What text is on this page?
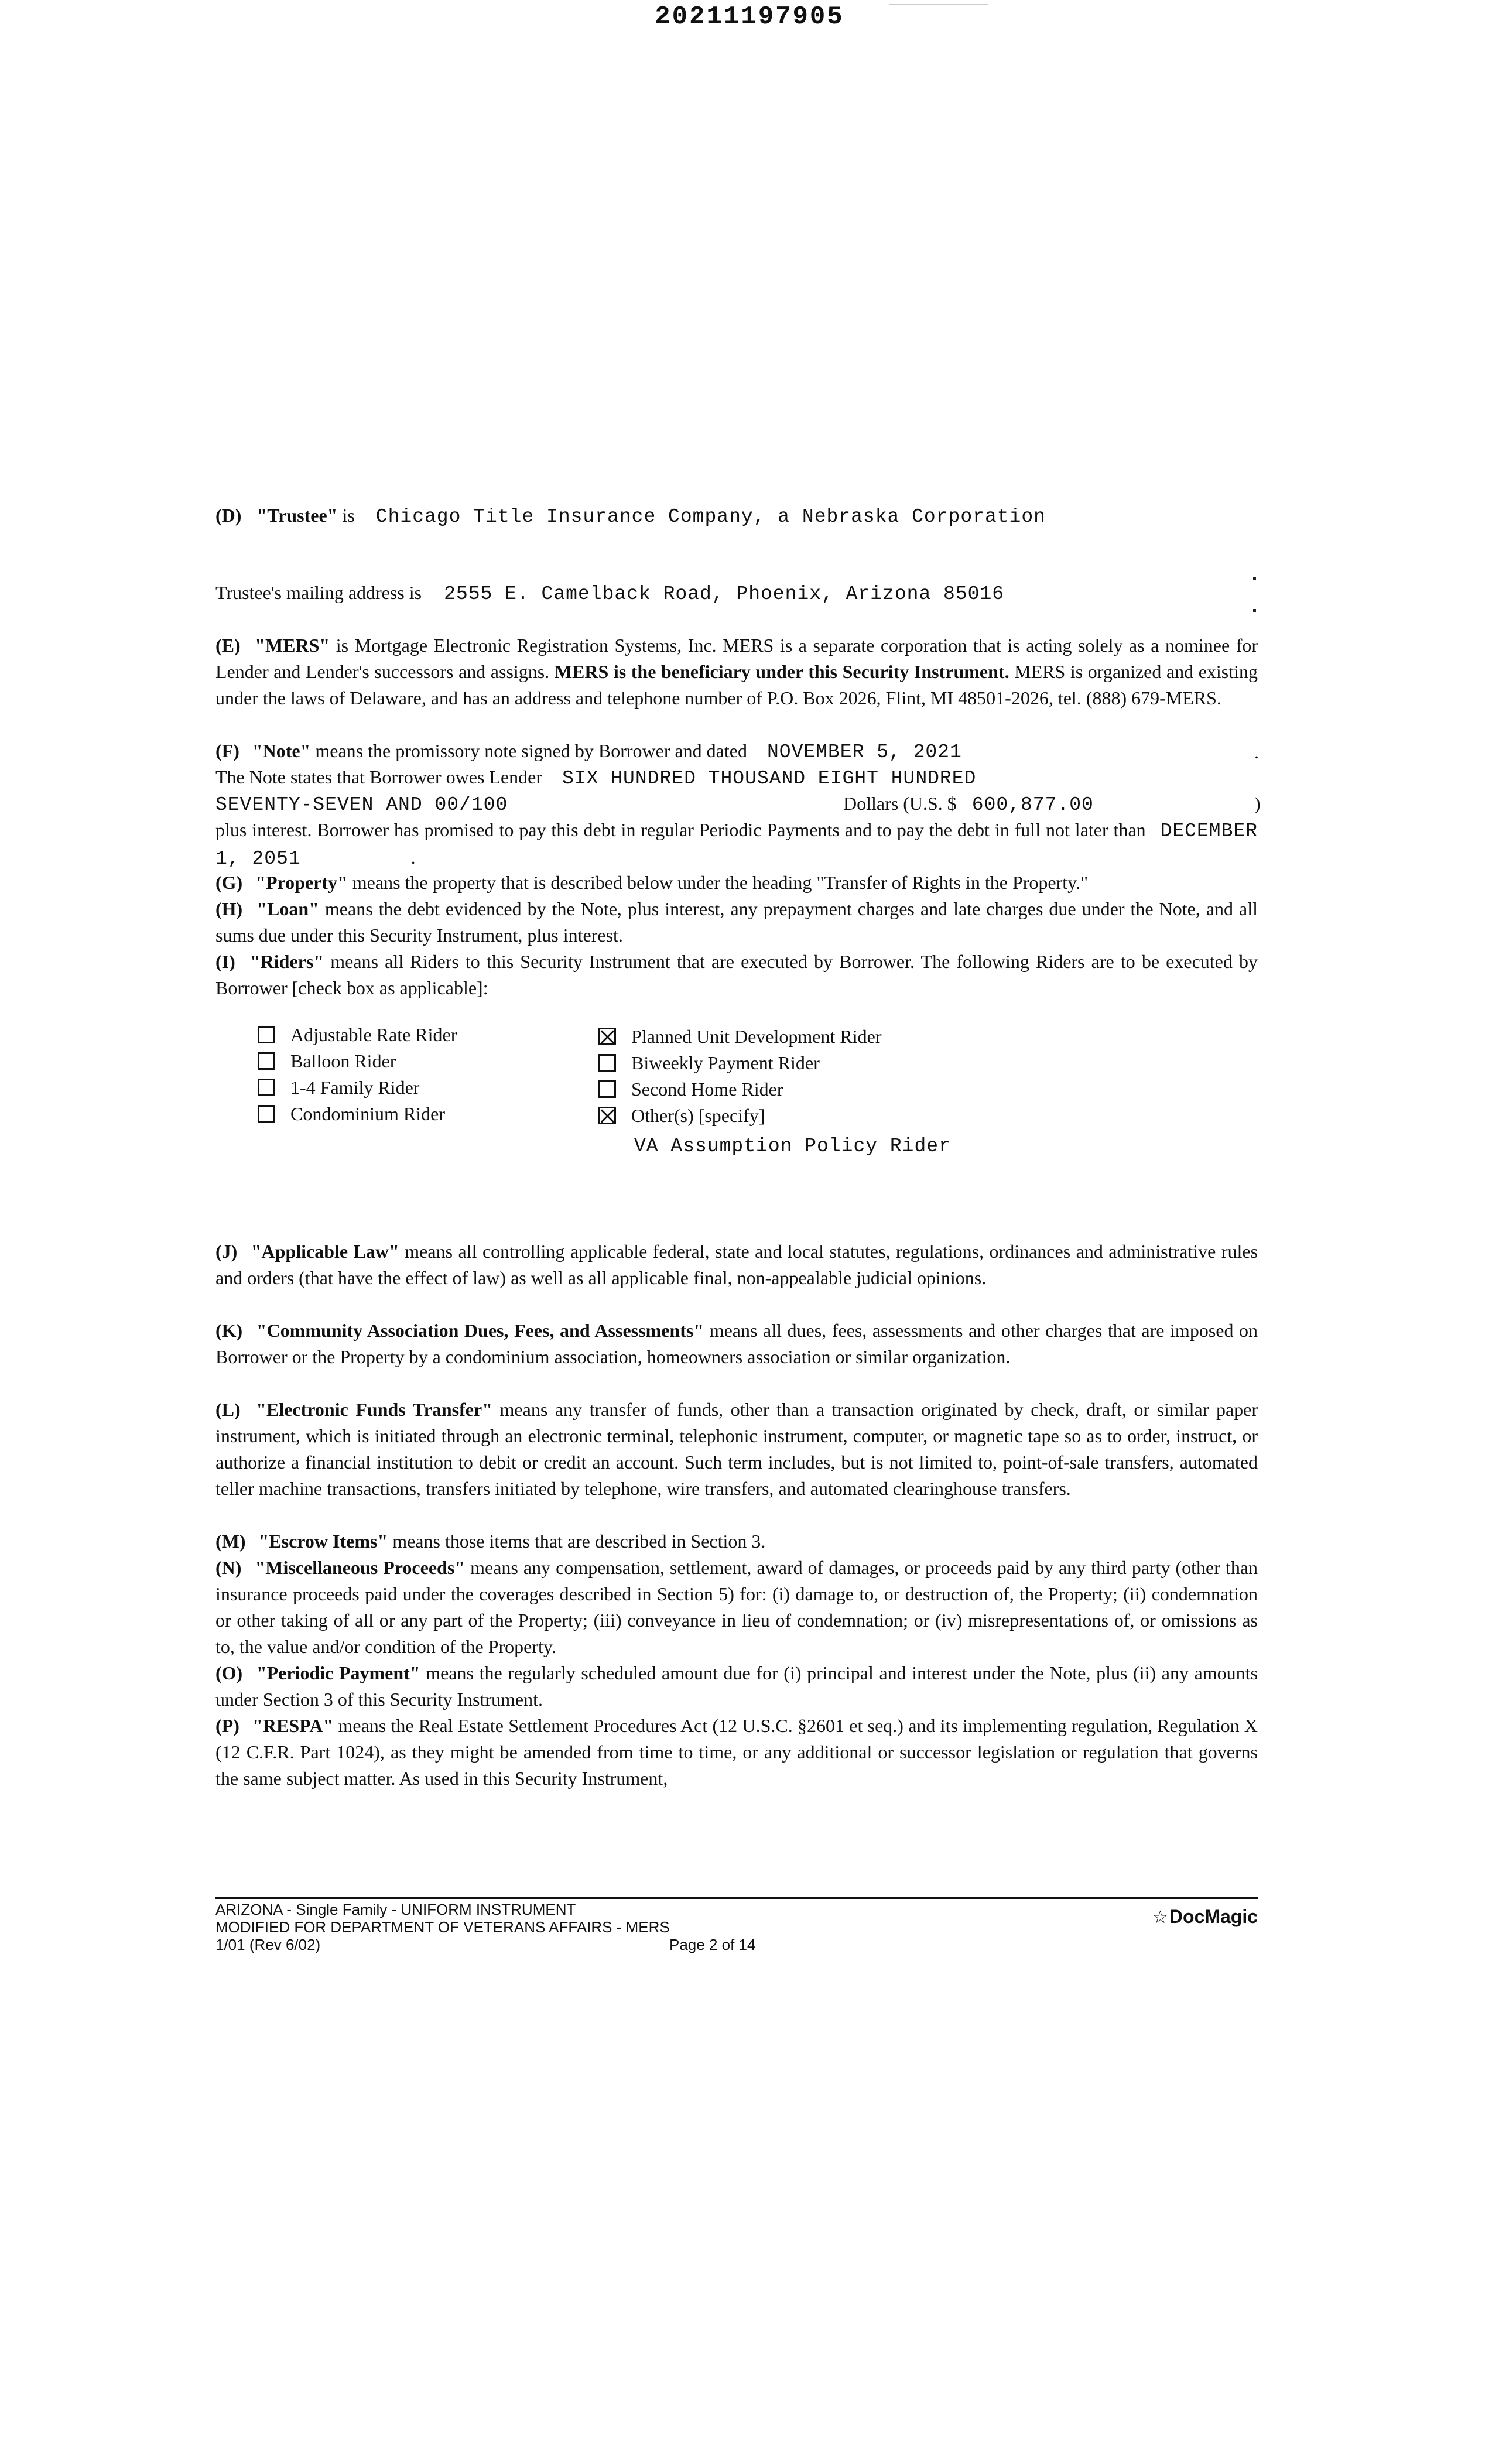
20211197905
(D) "Trustee" is Chicago Title Insurance Company, a Nebraska Corporation
Trustee's mailing address is 2555 E. Camelback Road, Phoenix, Arizona 85016
(E) "MERS" is Mortgage Electronic Registration Systems, Inc. MERS is a separate corporation that is acting solely as a nominee for Lender and Lender's successors and assigns. MERS is the beneficiary under this Security Instrument. MERS is organized and existing under the laws of Delaware, and has an address and telephone number of P.O. Box 2026, Flint, MI 48501-2026, tel. (888) 679-MERS.
(F) "Note" means the promissory note signed by Borrower and dated NOVEMBER 5, 2021	.
The Note states that Borrower owes Lender SIX HUNDRED THOUSAND EIGHT HUNDRED
SEVENTY-SEVEN AND 00/100	Dollars (U.S. $ 600,877.00	)
plus interest. Borrower has promised to pay this debt in regular Periodic Payments and to pay the debt in full not later than DECEMBER 1, 2051	.
(G) "Property" means the property that is described below under the heading "Transfer of Rights in the Property."
(H) "Loan" means the debt evidenced by the Note, plus interest, any prepayment charges and late charges due under the Note, and all sums due under this Security Instrument, plus interest.
(I) "Riders" means all Riders to this Security Instrument that are executed by Borrower. The following Riders are to be executed by Borrower [check box as applicable]:
Adjustable Rate Rider
Balloon Rider
1-4 Family Rider
Condominium Rider
Planned Unit Development Rider
Biweekly Payment Rider
Second Home Rider
Other(s) [specify]
VA Assumption Policy Rider
(J) "Applicable Law" means all controlling applicable federal, state and local statutes, regulations, ordinances and administrative rules and orders (that have the effect of law) as well as all applicable final, non-appealable judicial opinions.
(K) "Community Association Dues, Fees, and Assessments" means all dues, fees, assessments and other charges that are imposed on Borrower or the Property by a condominium association, homeowners association or similar organization.
(L) "Electronic Funds Transfer" means any transfer of funds, other than a transaction originated by check, draft, or similar paper instrument, which is initiated through an electronic terminal, telephonic instrument, computer, or magnetic tape so as to order, instruct, or authorize a financial institution to debit or credit an account. Such term includes, but is not limited to, point-of-sale transfers, automated teller machine transactions, transfers initiated by telephone, wire transfers, and automated clearinghouse transfers.
(M) "Escrow Items" means those items that are described in Section 3.
(N) "Miscellaneous Proceeds" means any compensation, settlement, award of damages, or proceeds paid by any third party (other than insurance proceeds paid under the coverages described in Section 5) for: (i) damage to, or destruction of, the Property; (ii) condemnation or other taking of all or any part of the Property; (iii) conveyance in lieu of condemnation; or (iv) misrepresentations of, or omissions as to, the value and/or condition of the Property.
(O) "Periodic Payment" means the regularly scheduled amount due for (i) principal and interest under the Note, plus (ii) any amounts under Section 3 of this Security Instrument.
(P) "RESPA" means the Real Estate Settlement Procedures Act (12 U.S.C. §2601 et seq.) and its implementing regulation, Regulation X (12 C.F.R. Part 1024), as they might be amended from time to time, or any additional or successor legislation or regulation that governs the same subject matter. As used in this Security Instrument,
ARIZONA - Single Family - UNIFORM INSTRUMENT
MODIFIED FOR DEPARTMENT OF VETERANS AFFAIRS - MERS
1/01 (Rev 6/02)	Page 2 of 14
☆DocMagic
